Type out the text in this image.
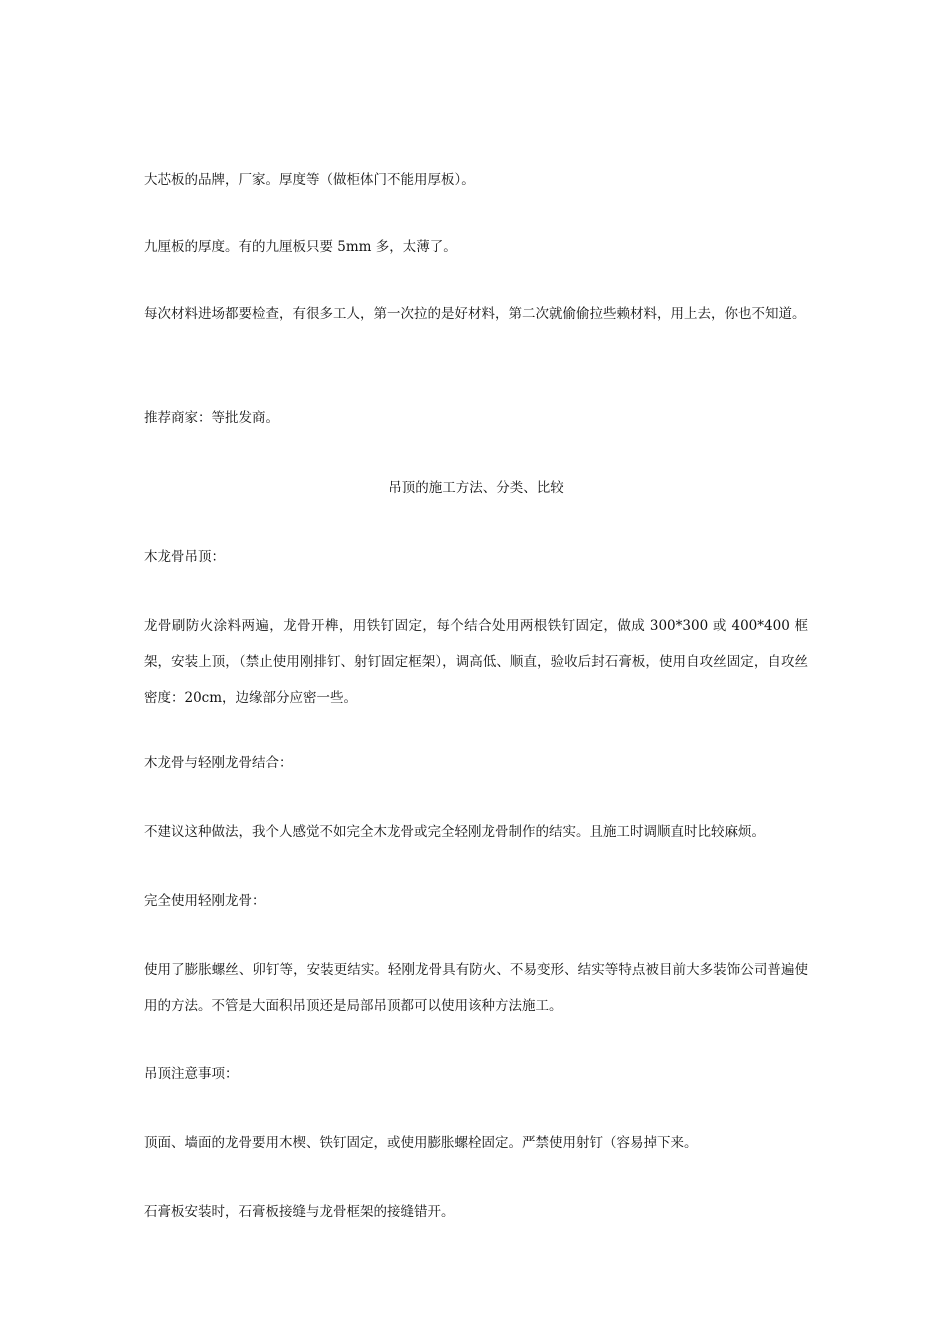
大芯板的品牌，厂家。厚度等（做柜体门不能用厚板）。

九厘板的厚度。有的九厘板只要 5mm 多，太薄了。

每次材料进场都要检查，有很多工人，第一次拉的是好材料，第二次就偷偷拉些赖材料，用上去，你也不知道。

推荐商家：等批发商。

吊顶的施工方法、分类、比较

木龙骨吊顶：

龙骨刷防火涂料两遍，龙骨开榫，用铁钉固定，每个结合处用两根铁钉固定，做成 300*300 或 400*400 框架，安装上顶，（禁止使用刚排钉、射钉固定框架），调高低、顺直，验收后封石膏板，使用自攻丝固定，自攻丝密度：20cm，边缘部分应密一些。

木龙骨与轻刚龙骨结合：

不建议这种做法，我个人感觉不如完全木龙骨或完全轻刚龙骨制作的结实。且施工时调顺直时比较麻烦。

完全使用轻刚龙骨：

使用了膨胀螺丝、卯钉等，安装更结实。轻刚龙骨具有防火、不易变形、结实等特点被目前大多装饰公司普遍使用的方法。不管是大面积吊顶还是局部吊顶都可以使用该种方法施工。

吊顶注意事项：

顶面、墙面的龙骨要用木楔、铁钉固定，或使用膨胀螺栓固定。严禁使用射钉（容易掉下来。

石膏板安装时，石膏板接缝与龙骨框架的接缝错开。
